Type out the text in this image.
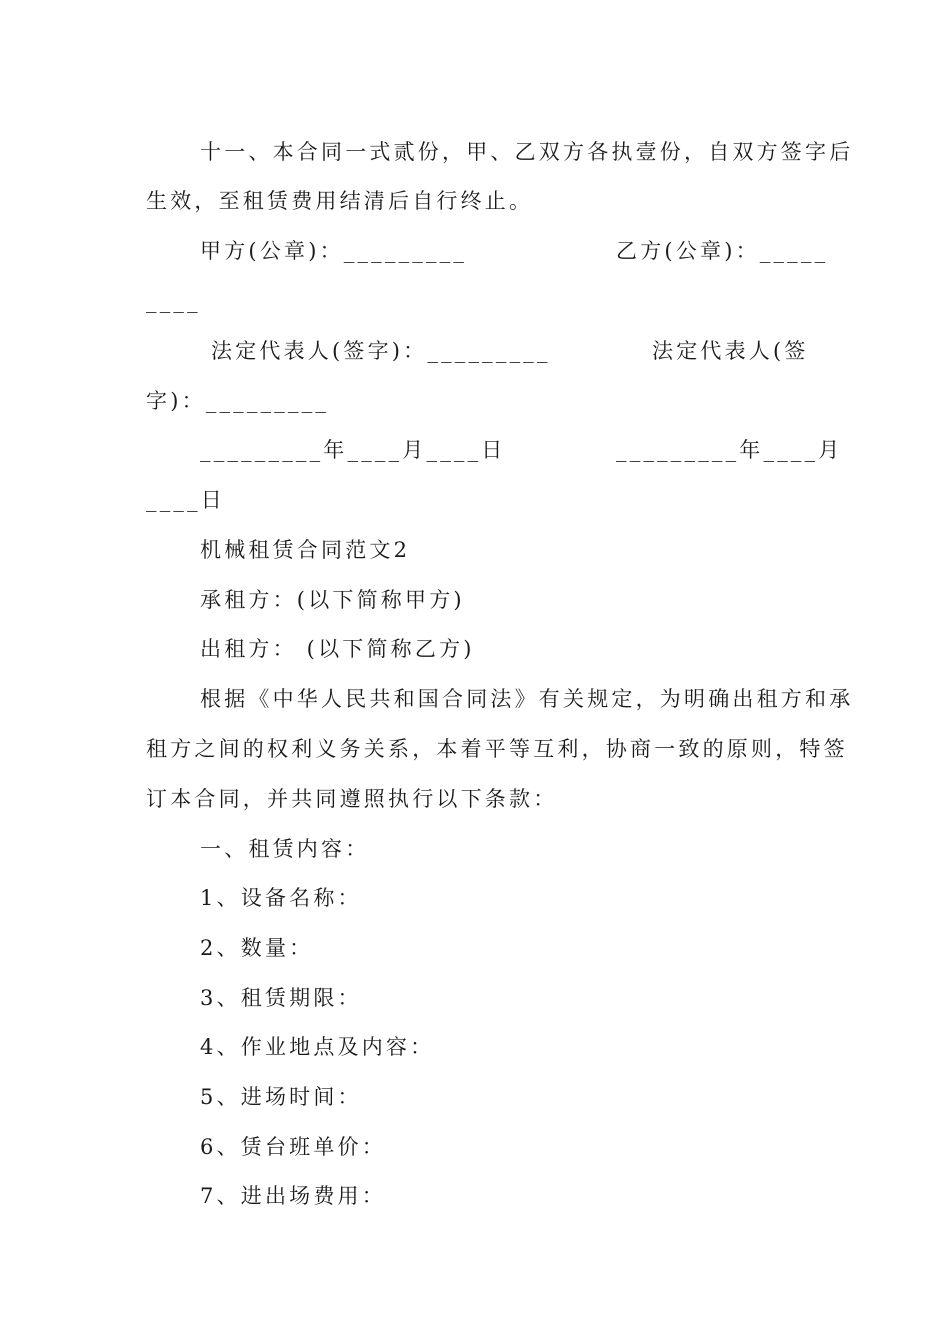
十一、本合同一式贰份，甲、乙双方各执壹份，自双方签字后
生效，至租赁费用结清后自行终止。
甲方(公章)：_________	乙方(公章)：_____
____
法定代表人(签字)：_________	法定代表人(签
字)：_________
_________年____月____日	_________年____月
____日
机械租赁合同范文2
承租方：(以下简称甲方)
出租方： (以下简称乙方)
根据《中华人民共和国合同法》有关规定，为明确出租方和承
租方之间的权利义务关系，本着平等互利，协商一致的原则，特签
订本合同，并共同遵照执行以下条款：
一、租赁内容：
1、设备名称：
2、数量：
3、租赁期限：
4、作业地点及内容：
5、进场时间：
6、赁台班单价：
7、进出场费用：
